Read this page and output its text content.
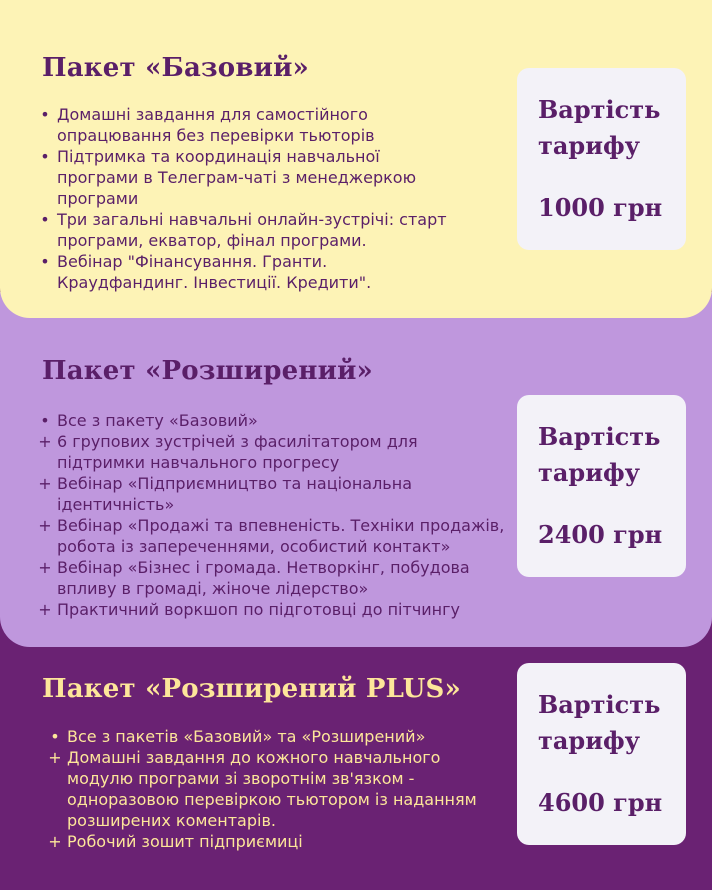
Пакет «Базовий»
• Домашні завдання для самостійного опрацювання без перевірки тьюторів
• Підтримка та координація навчальної програми в Телеграм-чаті з менеджеркою програми
• Три загальні навчальні онлайн-зустрічі: старт програми, екватор, фінал програми.
• Вебінар "Фінансування. Гранти. Краудфандинг. Інвестиції. Кредити".
Вартість
тарифу
1000 грн
Пакет «Розширений»
• Все з пакету «Базовий»
+ 6 групових зустрічей з фасилітатором для підтримки навчального прогресу
+ Вебінар «Підприємництво та національна ідентичність»
+ Вебінар «Продажі та впевненість. Техніки продажів, робота із запереченнями, особистий контакт»
+ Вебінар «Бізнес і громада. Нетворкінг, побудова впливу в громаді, жіноче лідерство»
+ Практичний воркшоп по підготовці до пітчингу
Вартість
тарифу
2400 грн
Пакет «Розширений PLUS»
• Все з пакетів «Базовий» та «Розширений»
+ Домашні завдання до кожного навчального модулю програми зі зворотнім зв'язком - одноразовою перевіркою тьютором із наданням розширених коментарів.
+ Робочий зошит підприємиці
Вартість
тарифу
4600 грн
